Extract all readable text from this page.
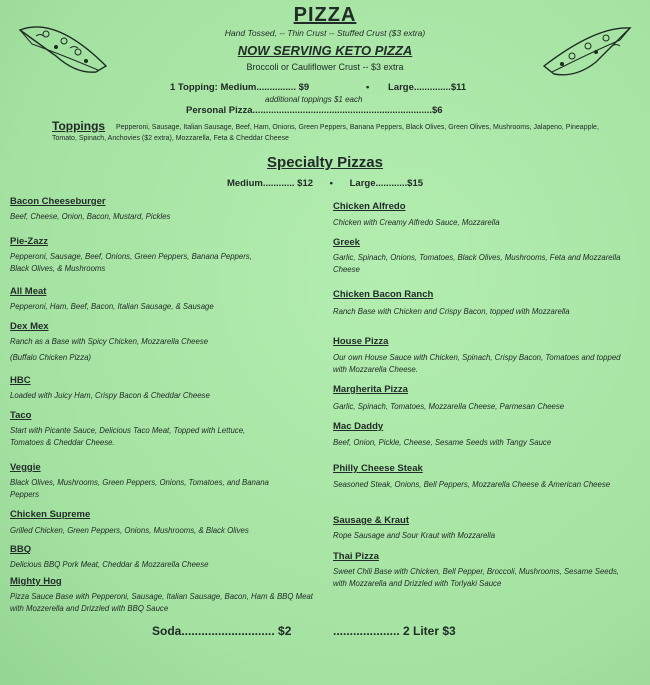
PIZZA
Hand Tossed, -- Thin Crust -- Stuffed Crust ($3 extra)
NOW SERVING KETO PIZZA
Broccoli or Cauliflower Crust -- $3 extra
1 Topping: Medium............... $9	• Large..............$11
additional toppings $1 each
Personal Pizza....................................................................$6
Pepperoni, Sausage, Italian Sausage, Beef, Ham, Onions, Green Peppers, Banana Peppers, Black Olives, Green Olives, Mushrooms, Jalapeno, Pineapple, Tomato, Spinach, Anchovies ($2 extra), Mozzarella, Feta & Cheddar Cheese
Toppings
Specialty Pizzas
Medium............ $12 • Large............$15
Bacon Cheeseburger
Beef, Cheese, Onion, Bacon, Mustard, Pickles
Pie-Zazz
Pepperoni, Sausage, Beef, Onions, Green Peppers, Banana Peppers, Black Olives, & Mushrooms
All Meat
Pepperoni, Ham, Beef, Bacon, Italian Sausage, & Sausage
Dex Mex
Ranch as a Base with Spicy Chicken, Mozzarella Cheese
(Buffalo Chicken Pizza)
HBC
Loaded with Juicy Ham, Crispy Bacon & Cheddar Cheese
Taco
Start with Picante Sauce, Delicious Taco Meat, Topped with Lettuce, Tomatoes & Cheddar Cheese.
Veggie
Black Olives, Mushrooms, Green Peppers, Onions, Tomatoes, and Banana Peppers
Chicken Supreme
Grilled Chicken, Green Peppers, Onions, Mushrooms, & Black Olives
BBQ
Delicious BBQ Pork Meat, Cheddar & Mozzarella Cheese
Mighty Hog
Pizza Sauce Base with Pepperoni, Sausage, Italian Sausage, Bacon, Ham & BBQ Meat with Mozzerella and Drizzled with BBQ Sauce
Chicken Alfredo
Chicken with Creamy Alfredo Sauce, Mozzarella
Greek
Garlic, Spinach, Onions, Tomatoes, Black Olives, Mushrooms, Feta and Mozzarella Cheese
Chicken Bacon Ranch
Ranch Base with Chicken and Crispy Bacon, topped with Mozzarella
House Pizza
Our own House Sauce with Chicken, Spinach, Crispy Bacon, Tomatoes and topped with Mozzarella Cheese.
Margherita Pizza
Garlic, Spinach, Tomatoes, Mozzarella Cheese, Parmesan Cheese
Mac Daddy
Beef, Onion, Pickle, Cheese, Sesame Seeds with Tangy Sauce
Philly Cheese Steak
Seasoned Steak, Onions, Bell Peppers, Mozzarella Cheese & American Cheese
Sausage & Kraut
Rope Sausage and Sour Kraut with Mozzarella
Thai Pizza
Sweet Chili Base with Chicken, Bell Pepper, Broccoli, Mushrooms, Sesame Seeds, with Mozzarella and Drizzled with Torlyaki Sauce
Soda............................ $2	.................... 2 Liter $3
